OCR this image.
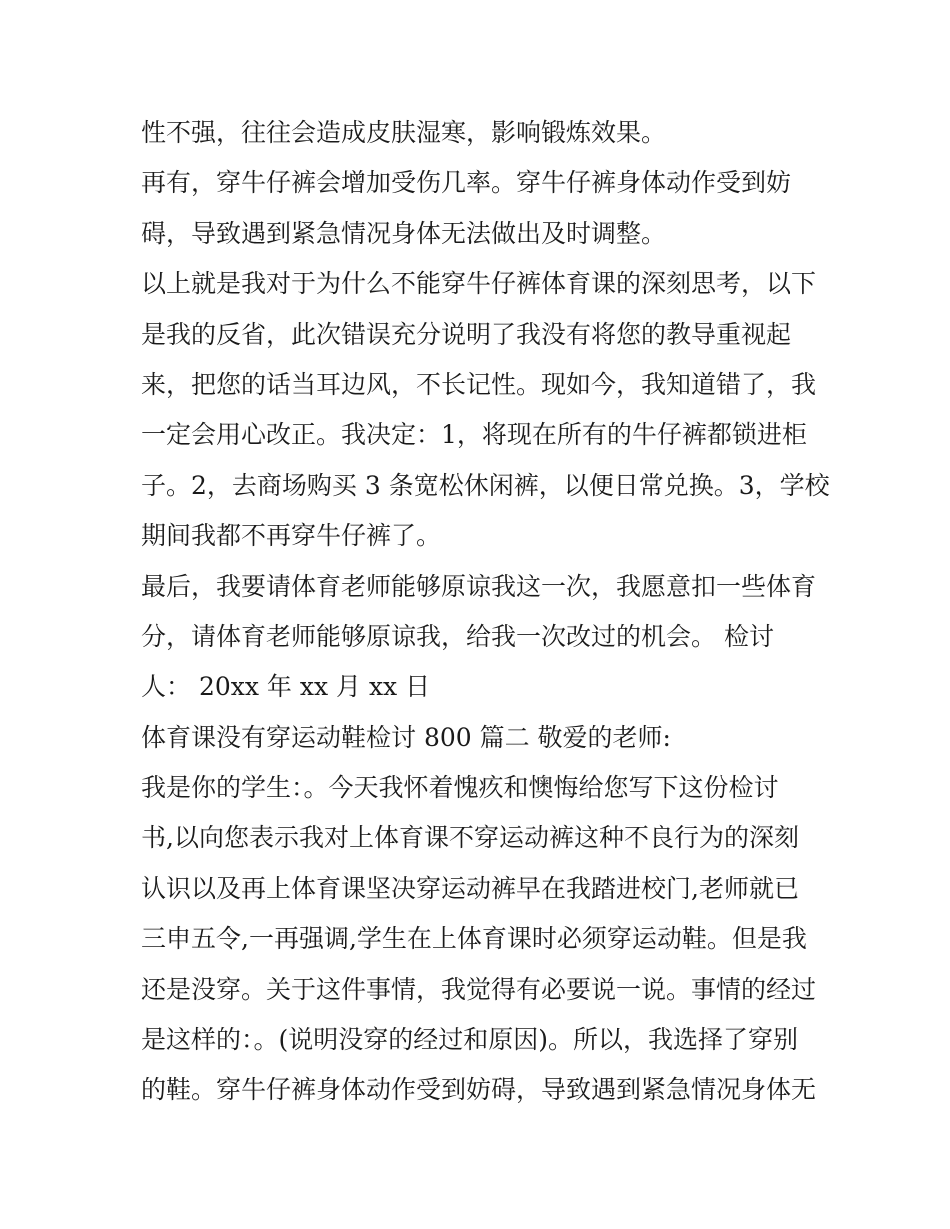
性不强，往往会造成皮肤湿寒，影响锻炼效果。
再有，穿牛仔裤会增加受伤几率。穿牛仔裤身体动作受到妨
碍，导致遇到紧急情况身体无法做出及时调整。
以上就是我对于为什么不能穿牛仔裤体育课的深刻思考，以下
是我的反省，此次错误充分说明了我没有将您的教导重视起
来，把您的话当耳边风，不长记性。现如今，我知道错了，我
一定会用心改正。我决定：1，将现在所有的牛仔裤都锁进柜
子。2，去商场购买 3 条宽松休闲裤，以便日常兑换。3，学校
期间我都不再穿牛仔裤了。
最后，我要请体育老师能够原谅我这一次，我愿意扣一些体育
分，请体育老师能够原谅我，给我一次改过的机会。 检讨
人： 20xx 年 xx 月 xx 日
体育课没有穿运动鞋检讨 800 篇二 敬爱的老师:
我是你的学生：。今天我怀着愧疚和懊悔给您写下这份检讨
书,以向您表示我对上体育课不穿运动裤这种不良行为的深刻
认识以及再上体育课坚决穿运动裤早在我踏进校门,老师就已
三申五令,一再强调,学生在上体育课时必须穿运动鞋。但是我
还是没穿。关于这件事情，我觉得有必要说一说。事情的经过
是这样的：。(说明没穿的经过和原因)。所以，我选择了穿别
的鞋。穿牛仔裤身体动作受到妨碍，导致遇到紧急情况身体无
